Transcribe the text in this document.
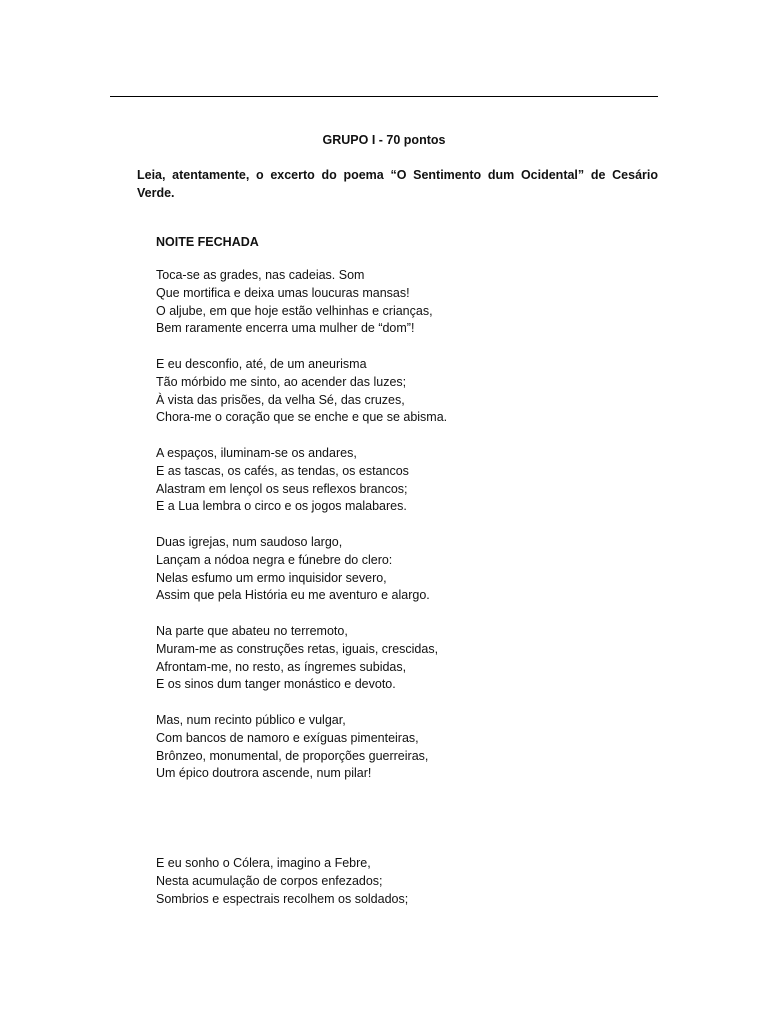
GRUPO I - 70 pontos

Leia, atentamente, o excerto do poema “O Sentimento dum Ocidental” de Cesário Verde.

NOITE FECHADA
Toca-se as grades, nas cadeias. Som
Que mortifica e deixa umas loucuras mansas!
O aljube, em que hoje estão velhinhas e crianças,
Bem raramente encerra uma mulher de “dom”!
E eu desconfio, até, de um aneurisma
Tão mórbido me sinto, ao acender das luzes;
À vista das prisões, da velha Sé, das cruzes,
Chora-me o coração que se enche e que se abisma.
A espaços, iluminam-se os andares,
E as tascas, os cafés, as tendas, os estancos
Alastram em lençol os seus reflexos brancos;
E a Lua lembra o circo e os jogos malabares.
Duas igrejas, num saudoso largo,
Lançam a nódoa negra e fúnebre do clero:
Nelas esfumo um ermo inquisidor severo,
Assim que pela História eu me aventuro e alargo.
Na parte que abateu no terremoto,
Muram-me as construções retas, iguais, crescidas,
Afrontam-me, no resto, as íngremes subidas,
E os sinos dum tanger monástico e devoto.
Mas, num recinto público e vulgar,
Com bancos de namoro e exíguas pimenteiras,
Brônzeo, monumental, de proporções guerreiras,
Um épico doutrora ascende, num pilar!
E eu sonho o Cólera, imagino a Febre,
Nesta acumulação de corpos enfezados;
Sombrios e espectrais recolhem os soldados;
